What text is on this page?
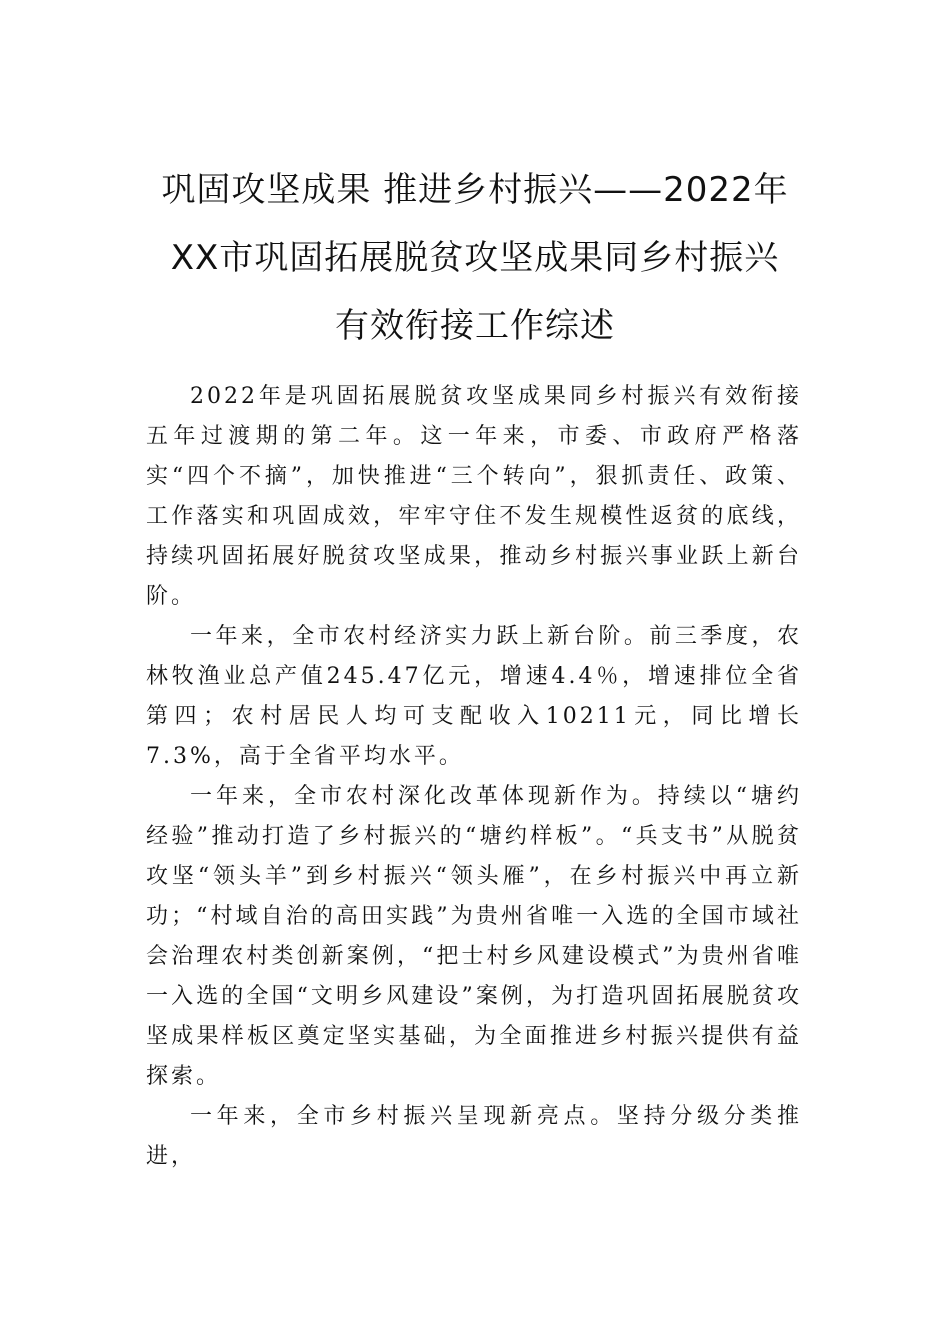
巩固攻坚成果 推进乡村振兴——2022年
XX市巩固拓展脱贫攻坚成果同乡村振兴
有效衔接工作综述

2022年是巩固拓展脱贫攻坚成果同乡村振兴有效衔接五年过渡期的第二年。这一年来，市委、市政府严格落实“四个不摘”，加快推进“三个转向”，狠抓责任、政策、工作落实和巩固成效，牢牢守住不发生规模性返贫的底线，持续巩固拓展好脱贫攻坚成果，推动乡村振兴事业跃上新台阶。

一年来，全市农村经济实力跃上新台阶。前三季度，农林牧渔业总产值245.47亿元，增速4.4％，增速排位全省第四；农村居民人均可支配收入10211元，同比增长7.3%，高于全省平均水平。

一年来，全市农村深化改革体现新作为。持续以“塘约经验”推动打造了乡村振兴的“塘约样板”。“兵支书”从脱贫攻坚“领头羊”到乡村振兴“领头雁”，在乡村振兴中再立新功；“村域自治的高田实践”为贵州省唯一入选的全国市域社会治理农村类创新案例，“把士村乡风建设模式”为贵州省唯一入选的全国“文明乡风建设”案例，为打造巩固拓展脱贫攻坚成果样板区奠定坚实基础，为全面推进乡村振兴提供有益探索。

一年来，全市乡村振兴呈现新亮点。坚持分级分类推进，
